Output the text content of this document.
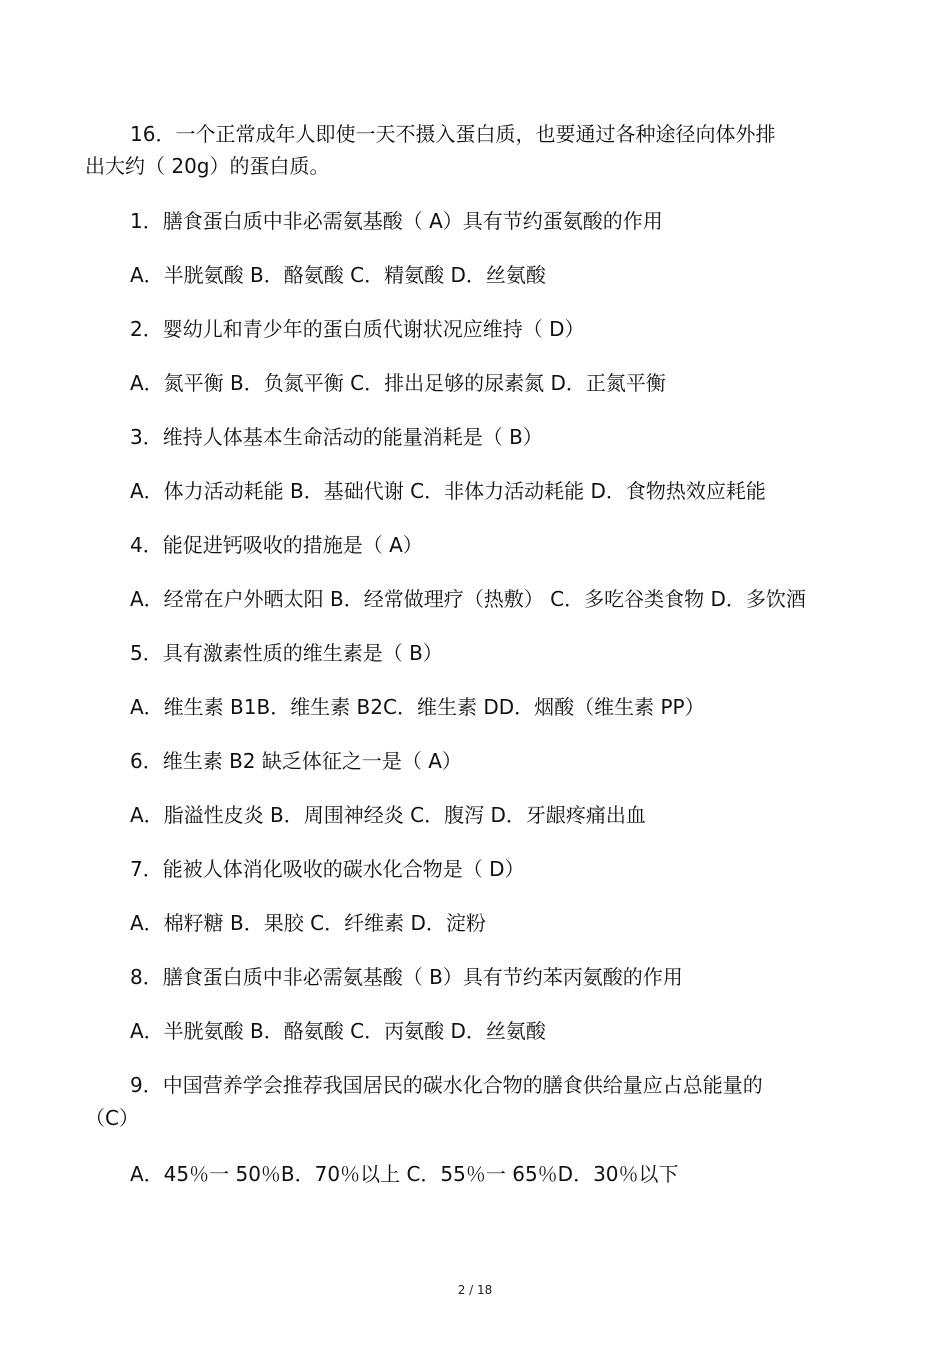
16．一个正常成年人即使一天不摄入蛋白质，也要通过各种途径向体外排
出大约（ 20g）的蛋白质。
1．膳食蛋白质中非必需氨基酸（ A）具有节约蛋氨酸的作用
A．半胱氨酸 B．酪氨酸 C．精氨酸 D．丝氨酸
2．婴幼儿和青少年的蛋白质代谢状况应维持（ D）
A．氮平衡 B．负氮平衡 C．排出足够的尿素氮 D．正氮平衡
3．维持人体基本生命活动的能量消耗是（ B）
A．体力活动耗能 B．基础代谢 C．非体力活动耗能 D．食物热效应耗能
4．能促进钙吸收的措施是（ A）
A．经常在户外晒太阳 B．经常做理疗（热敷） C．多吃谷类食物 D．多饮酒
5．具有激素性质的维生素是（ B）
A．维生素 B1B．维生素 B2C．维生素 DD．烟酸（维生素 PP）
6．维生素 B2 缺乏体征之一是（ A）
A．脂溢性皮炎 B．周围神经炎 C．腹泻 D．牙龈疼痛出血
7．能被人体消化吸收的碳水化合物是（ D）
A．棉籽糖 B．果胶 C．纤维素 D．淀粉
8．膳食蛋白质中非必需氨基酸（ B）具有节约苯丙氨酸的作用
A．半胱氨酸 B．酪氨酸 C．丙氨酸 D．丝氨酸
9．中国营养学会推荐我国居民的碳水化合物的膳食供给量应占总能量的
（C）
A．45％一 50％B．70％以上 C．55％一 65％D．30％以下
2 / 18
